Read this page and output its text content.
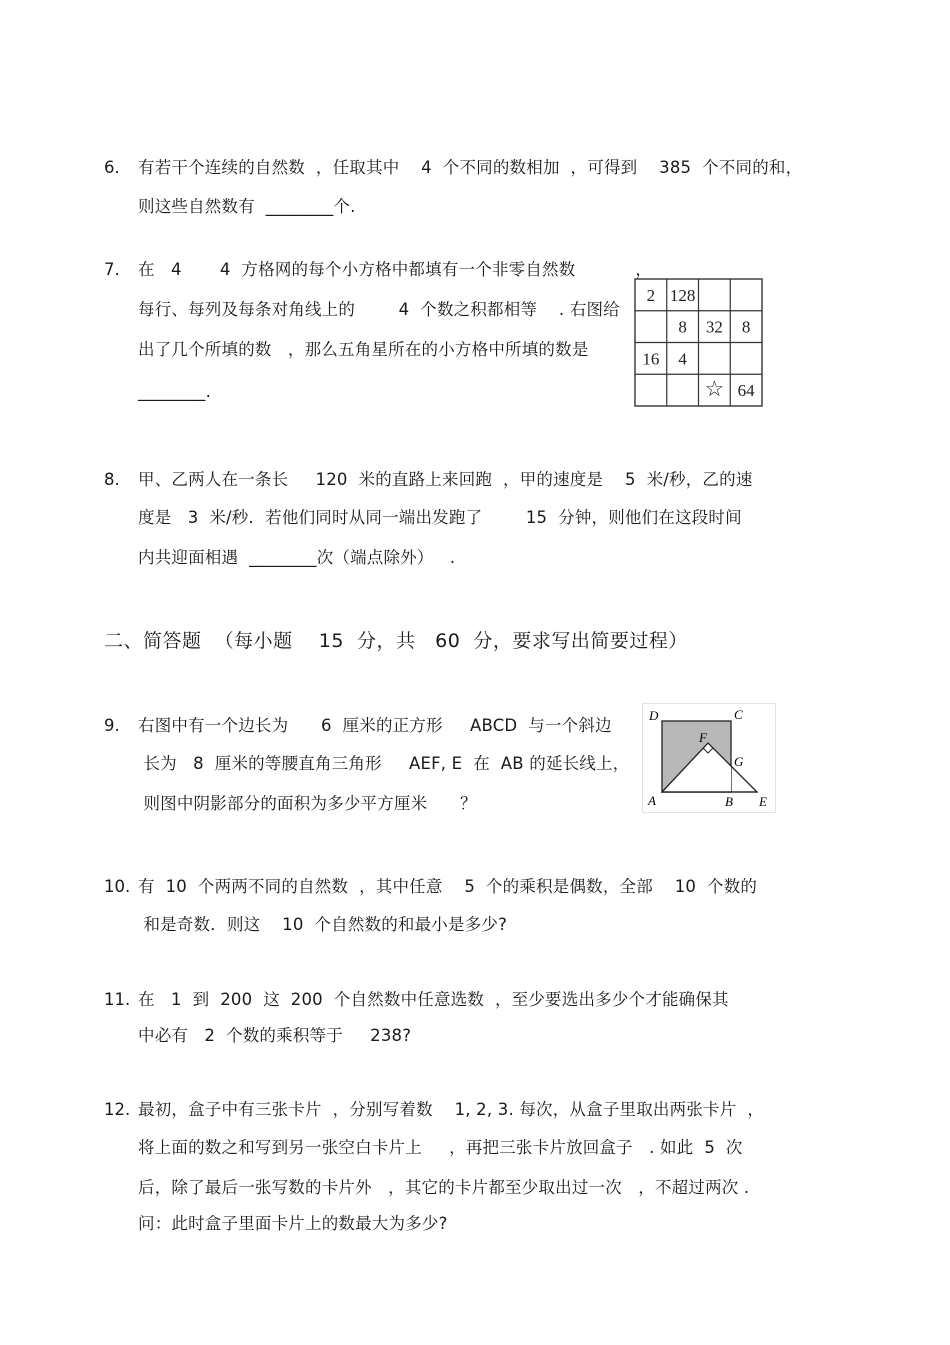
6. 有若干个连续的自然数  ，任取其中    4  个不同的数相加  ，可得到    385  个不同的和，
则这些自然数有  ________个.
7. 在   4       4  方格网的每个小方格中都填有一个非零自然数           ，
每行、每列及每条对角线上的        4  个数之积都相等    . 右图给
出了几个所填的数   ，那么五角星所在的小方格中所填的数是
________.
2 128
8 32 8
16 4
☆ 64
8. 甲、乙两人在一条长     120  米的直路上来回跑  ，甲的速度是    5  米/秒，乙的速
度是   3  米/秒．若他们同时从同一端出发跑了        15  分钟，则他们在这段时间
内共迎面相遇  ________次（端点除外）   .
二、简答题  （每小题    15  分，共   60  分，要求写出简要过程）
9. 右图中有一个边长为      6  厘米的正方形     ABCD  与一个斜边
长为   8  厘米的等腰直角三角形     AEF, E  在  AB 的延长线上，
则图中阴影部分的面积为多少平方厘米      ？
D	C
F
G
A	B E
10. 有  10  个两两不同的自然数  ，其中任意    5  个的乘积是偶数，全部    10  个数的
和是奇数．则这    10  个自然数的和最小是多少?
11. 在   1  到  200  这  200  个自然数中任意选数  ，至少要选出多少个才能确保其
中必有   2  个数的乘积等于     238?
12. 最初，盒子中有三张卡片  ，分别写着数    1, 2, 3. 每次，从盒子里取出两张卡片  ，
将上面的数之和写到另一张空白卡片上     ，再把三张卡片放回盒子   . 如此  5  次
后，除了最后一张写数的卡片外   ，其它的卡片都至少取出过一次   ，不超过两次 .
问：此时盒子里面卡片上的数最大为多少?
